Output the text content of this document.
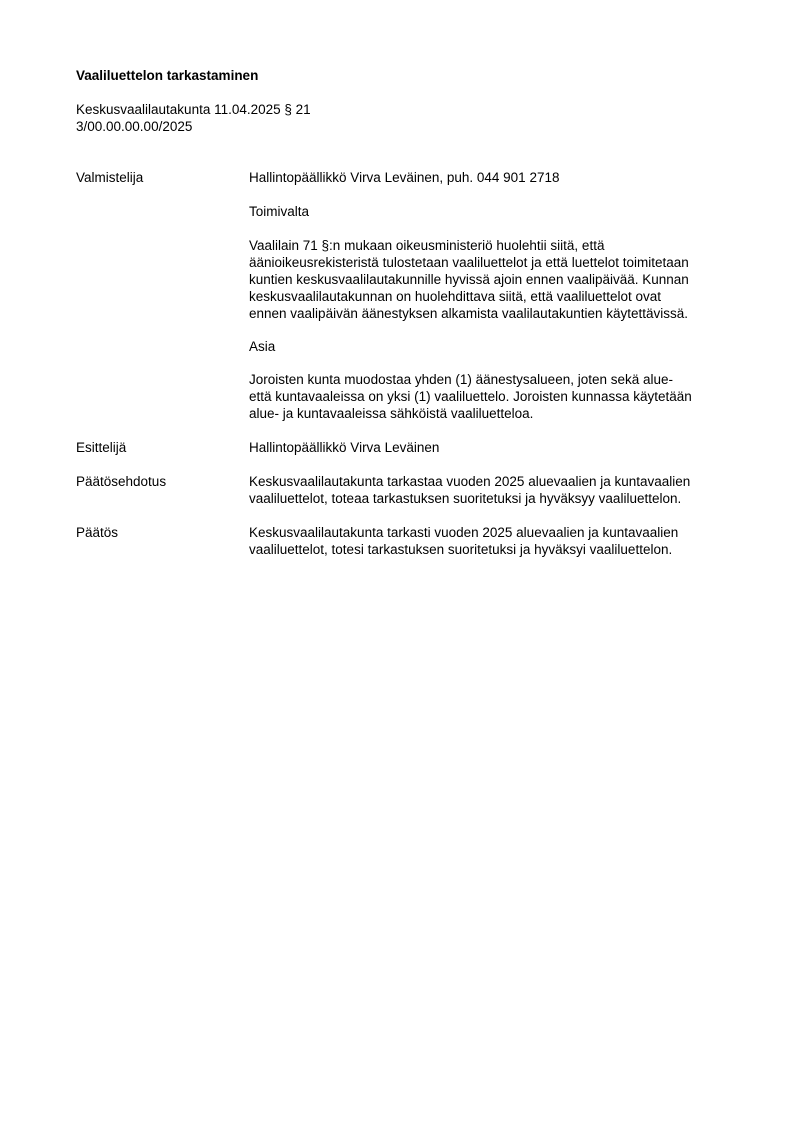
Vaaliluettelon tarkastaminen
Keskusvaalilautakunta 11.04.2025 § 21
3/00.00.00.00/2025
Valmistelija	Hallintopäällikkö Virva Leväinen, puh. 044 901 2718
Toimivalta
Vaalilain 71 §:n mukaan oikeusministeriö huolehtii siitä, että
äänioikeusrekisteristä tulostetaan vaaliluettelot ja että luettelot toimitetaan
kuntien keskusvaalilautakunnille hyvissä ajoin ennen vaalipäivää. Kunnan
keskusvaalilautakunnan on huolehdittava siitä, että vaaliluettelot ovat
ennen vaalipäivän äänestyksen alkamista vaalilautakuntien käytettävissä.
Asia
Joroisten kunta muodostaa yhden (1) äänestysalueen, joten sekä alue-
että kuntavaaleissa on yksi (1) vaaliluettelo. Joroisten kunnassa käytetään
alue- ja kuntavaaleissa sähköistä vaaliluetteloa.
Esittelijä	Hallintopäällikkö Virva Leväinen
Päätösehdotus	Keskusvaalilautakunta tarkastaa vuoden 2025 aluevaalien ja kuntavaalien
vaaliluettelot, toteaa tarkastuksen suoritetuksi ja hyväksyy vaaliluettelon.
Päätös	Keskusvaalilautakunta tarkasti vuoden 2025 aluevaalien ja kuntavaalien
vaaliluettelot, totesi tarkastuksen suoritetuksi ja hyväksyi vaaliluettelon.
